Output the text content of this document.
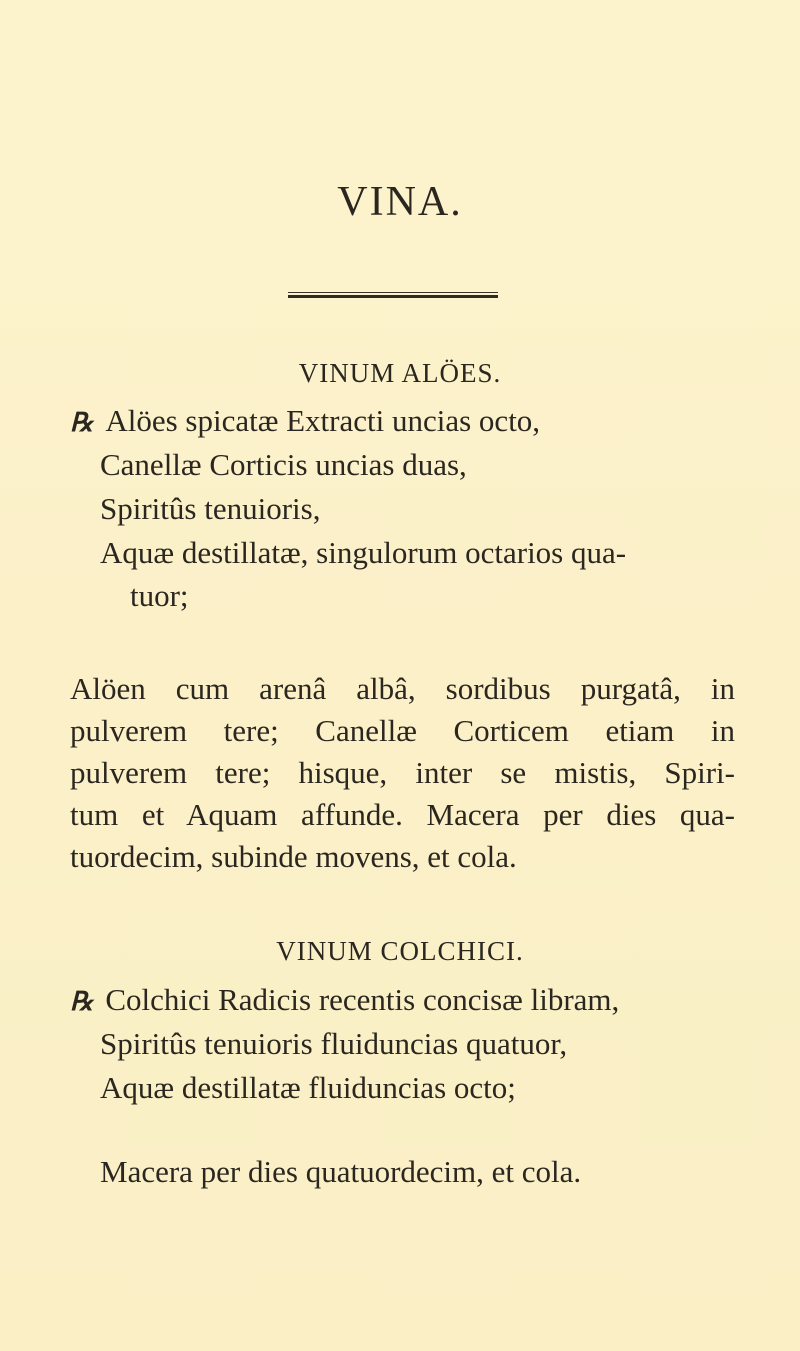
VINA.
VINUM ALÖES.
℞ Alöes spicatæ Extracti uncias octo,
Canellæ Corticis uncias duas,
Spiritûs tenuioris,
Aquæ destillatæ, singulorum octarios qua-
tuor;
Alöen cum arenâ albâ, sordibus purgatâ, in
pulverem tere; Canellæ Corticem etiam in
pulverem tere; hisque, inter se mistis, Spiri-
tum et Aquam affunde. Macera per dies qua-
tuordecim, subinde movens, et cola.
VINUM COLCHICI.
℞ Colchici Radicis recentis concisæ libram,
Spiritûs tenuioris fluiduncias quatuor,
Aquæ destillatæ fluiduncias octo;
Macera per dies quatuordecim, et cola.
